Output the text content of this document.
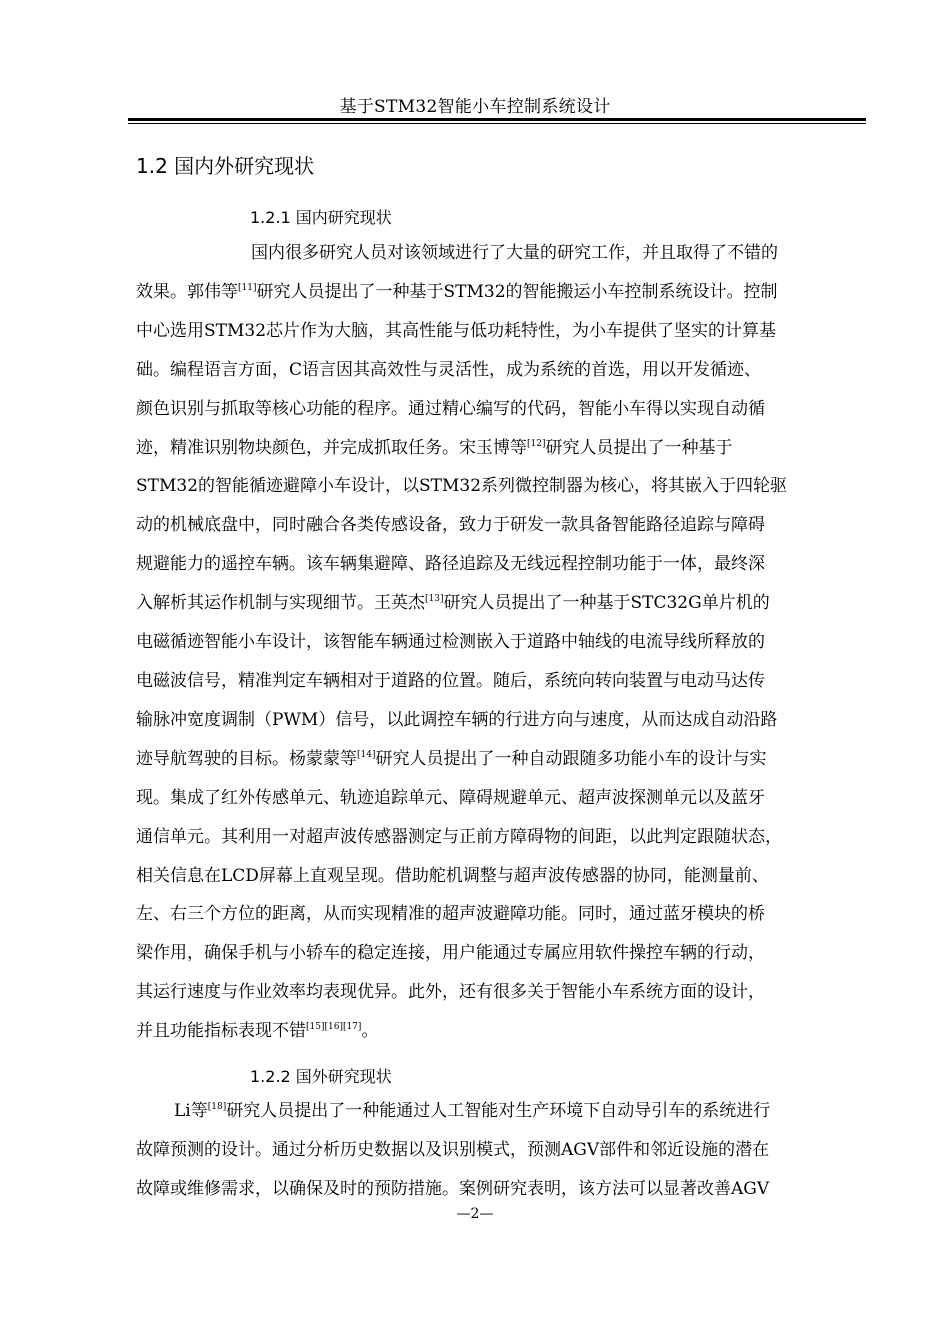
基于STM32智能小车控制系统设计
1.2 国内外研究现状
1.2.1 国内研究现状
国内很多研究人员对该领域进行了大量的研究工作，并且取得了不错的
效果。郭伟等[11]研究人员提出了一种基于STM32的智能搬运小车控制系统设计。控制
中心选用STM32芯片作为大脑，其高性能与低功耗特性，为小车提供了坚实的计算基
础。编程语言方面，C语言因其高效性与灵活性，成为系统的首选，用以开发循迹、
颜色识别与抓取等核心功能的程序。通过精心编写的代码，智能小车得以实现自动循
迹，精准识别物块颜色，并完成抓取任务。宋玉博等[12]研究人员提出了一种基于
STM32的智能循迹避障小车设计，以STM32系列微控制器为核心，将其嵌入于四轮驱
动的机械底盘中，同时融合各类传感设备，致力于研发一款具备智能路径追踪与障碍
规避能力的遥控车辆。该车辆集避障、路径追踪及无线远程控制功能于一体，最终深
入解析其运作机制与实现细节。王英杰[13]研究人员提出了一种基于STC32G单片机的
电磁循迹智能小车设计，该智能车辆通过检测嵌入于道路中轴线的电流导线所释放的
电磁波信号，精准判定车辆相对于道路的位置。随后，系统向转向装置与电动马达传
输脉冲宽度调制（PWM）信号，以此调控车辆的行进方向与速度，从而达成自动沿路
迹导航驾驶的目标。杨蒙蒙等[14]研究人员提出了一种自动跟随多功能小车的设计与实
现。集成了红外传感单元、轨迹追踪单元、障碍规避单元、超声波探测单元以及蓝牙
通信单元。其利用一对超声波传感器测定与正前方障碍物的间距，以此判定跟随状态，
相关信息在LCD屏幕上直观呈现。借助舵机调整与超声波传感器的协同，能测量前、
左、右三个方位的距离，从而实现精准的超声波避障功能。同时，通过蓝牙模块的桥
梁作用，确保手机与小轿车的稳定连接，用户能通过专属应用软件操控车辆的行动，
其运行速度与作业效率均表现优异。此外，还有很多关于智能小车系统方面的设计，
并且功能指标表现不错[15][16][17]。
1.2.2 国外研究现状
Li等[18]研究人员提出了一种能通过人工智能对生产环境下自动导引车的系统进行
故障预测的设计。通过分析历史数据以及识别模式，预测AGV部件和邻近设施的潜在
故障或维修需求，以确保及时的预防措施。案例研究表明，该方法可以显著改善AGV
—2—
